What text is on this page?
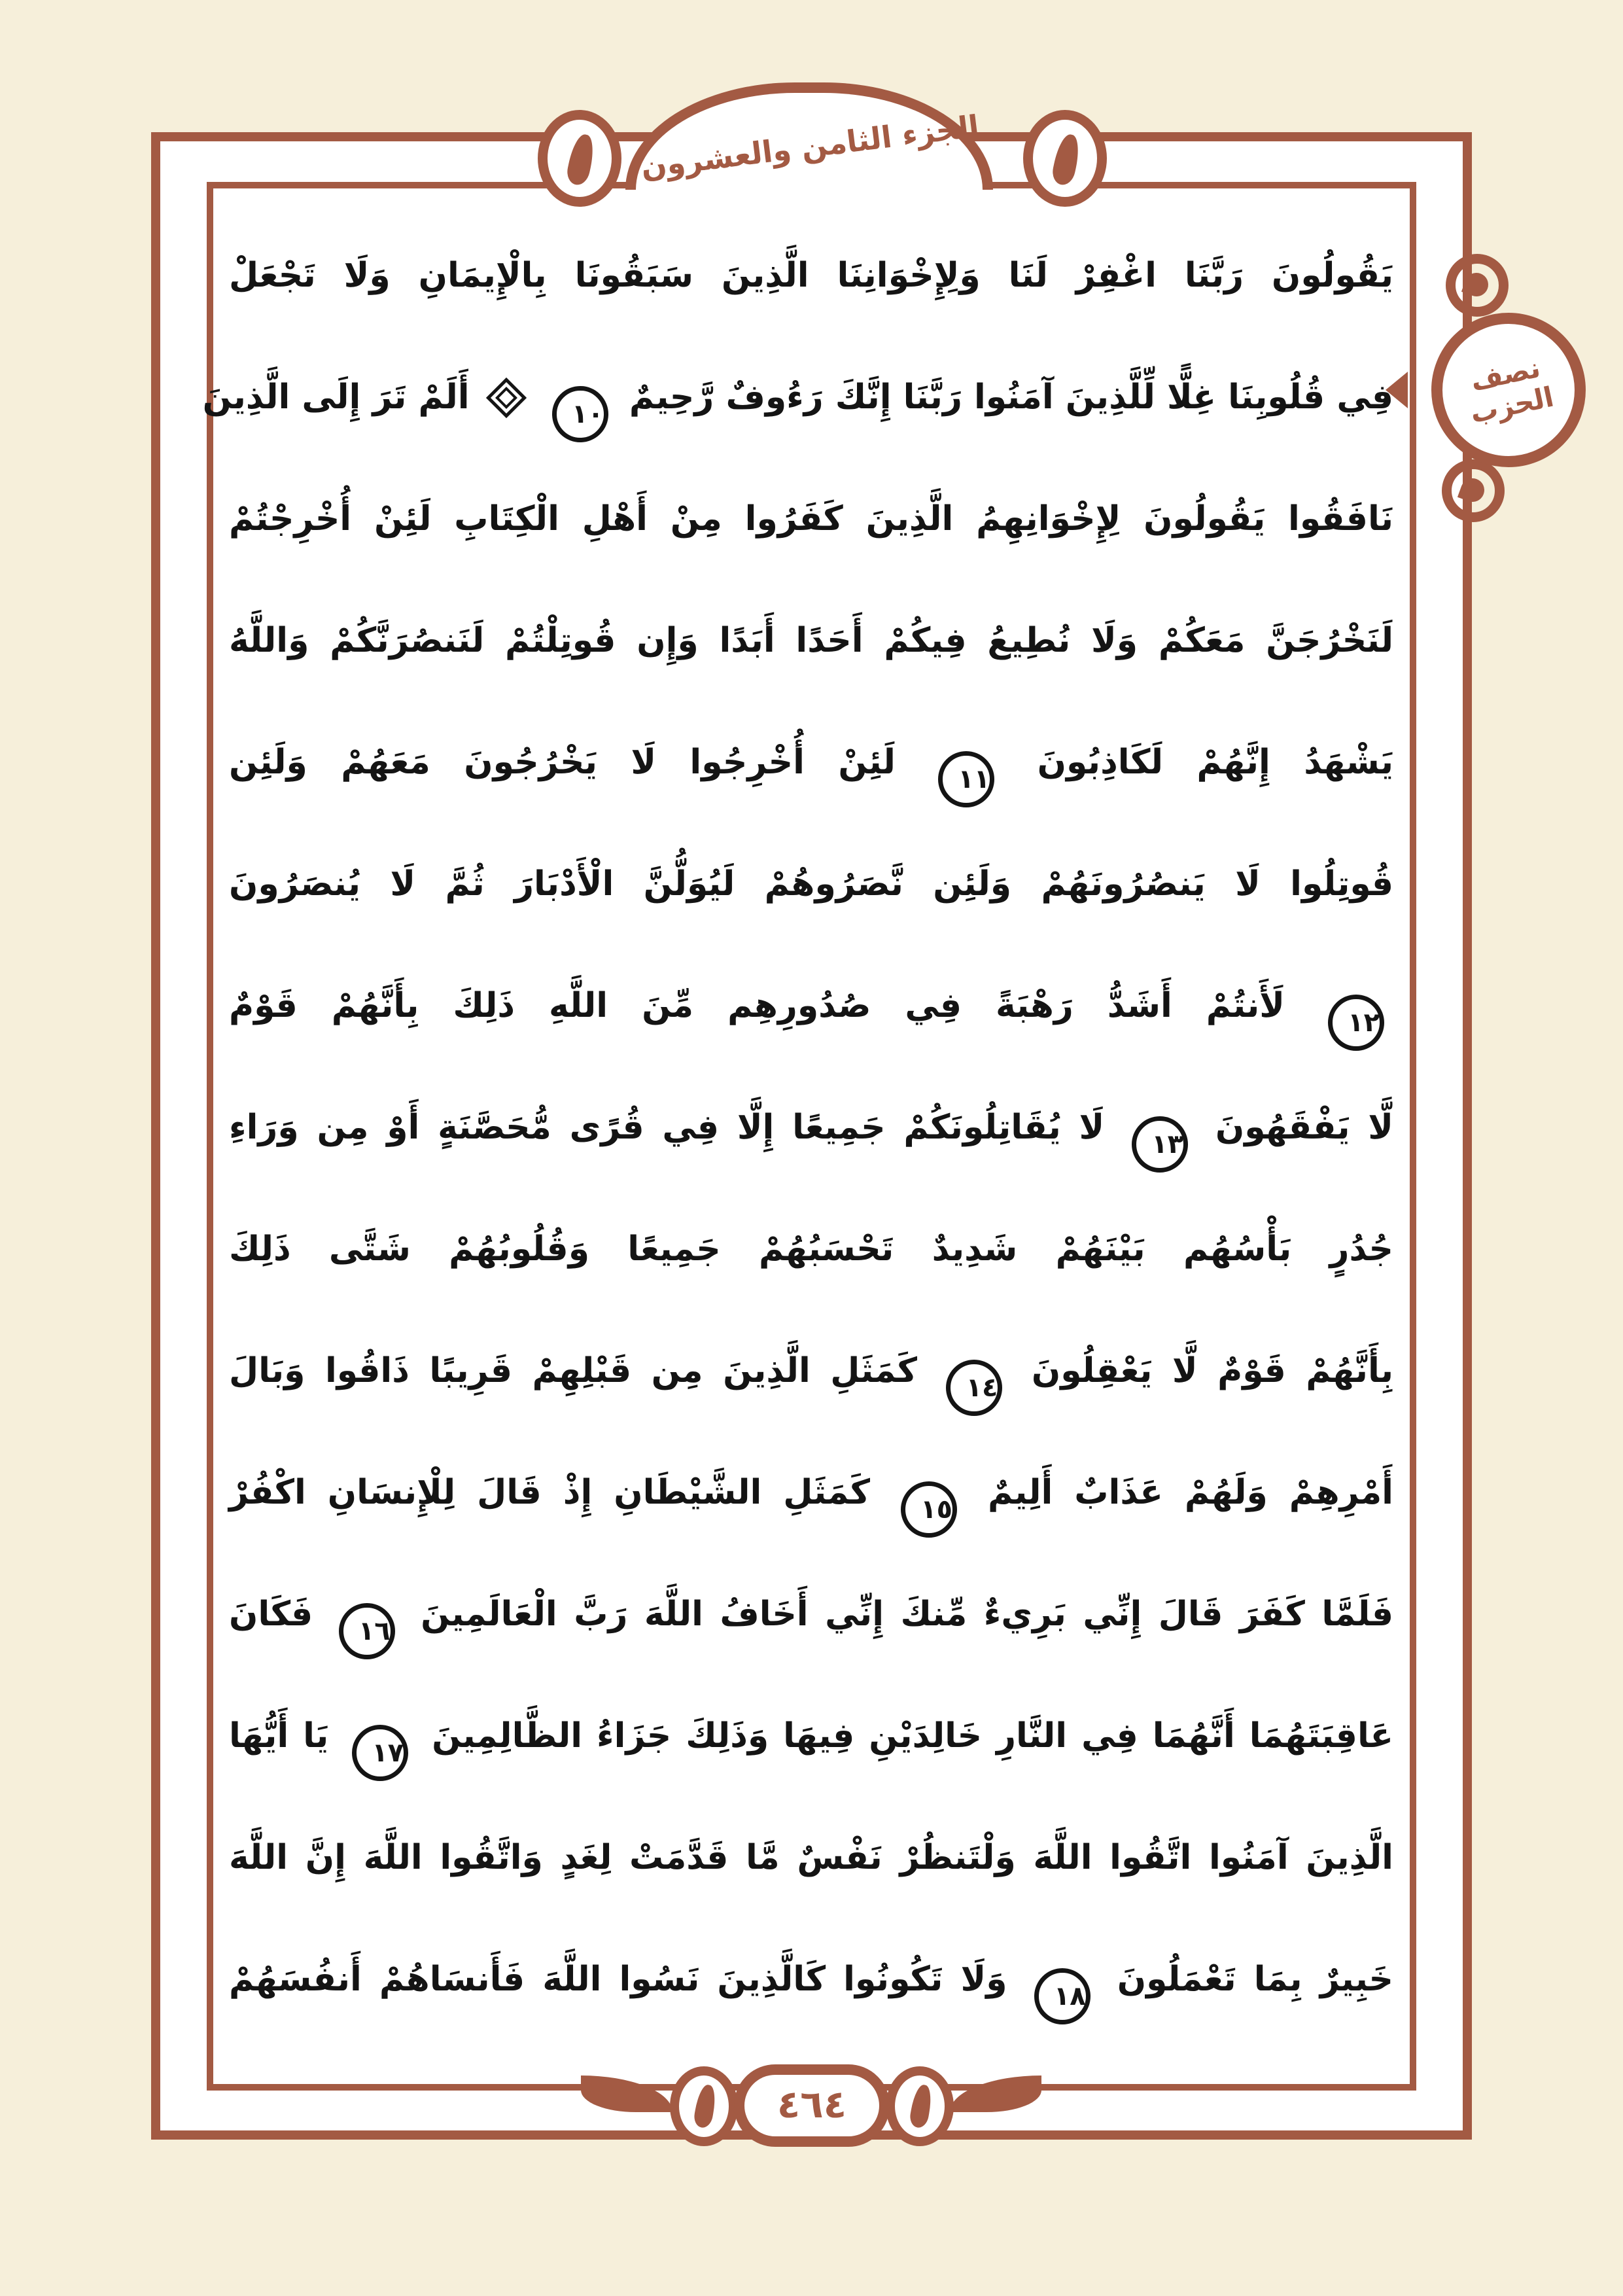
الجزء الثامن والعشرون
نصف
الحزب
يَقُولُونَ رَبَّنَا اغْفِرْ لَنَا وَلِإِخْوَانِنَا الَّذِينَ سَبَقُونَا بِالْإِيمَانِ وَلَا تَجْعَلْ
فِي قُلُوبِنَا غِلًّا لِّلَّذِينَ آمَنُوا رَبَّنَا إِنَّكَ رَءُوفٌ رَّحِيمٌ ١٠  أَلَمْ تَرَ إِلَى الَّذِينَ
نَافَقُوا يَقُولُونَ لِإِخْوَانِهِمُ الَّذِينَ كَفَرُوا مِنْ أَهْلِ الْكِتَابِ لَئِنْ أُخْرِجْتُمْ
لَنَخْرُجَنَّ مَعَكُمْ وَلَا نُطِيعُ فِيكُمْ أَحَدًا أَبَدًا وَإِن قُوتِلْتُمْ لَنَنصُرَنَّكُمْ وَاللَّهُ
يَشْهَدُ إِنَّهُمْ لَكَاذِبُونَ ١١ لَئِنْ أُخْرِجُوا لَا يَخْرُجُونَ مَعَهُمْ وَلَئِن
قُوتِلُوا لَا يَنصُرُونَهُمْ وَلَئِن نَّصَرُوهُمْ لَيُوَلُّنَّ الْأَدْبَارَ ثُمَّ لَا يُنصَرُونَ
١٢ لَأَنتُمْ أَشَدُّ رَهْبَةً فِي صُدُورِهِم مِّنَ اللَّهِ ذَلِكَ بِأَنَّهُمْ قَوْمٌ
لَّا يَفْقَهُونَ ١٣ لَا يُقَاتِلُونَكُمْ جَمِيعًا إِلَّا فِي قُرًى مُّحَصَّنَةٍ أَوْ مِن وَرَاءِ
جُدُرٍ بَأْسُهُم بَيْنَهُمْ شَدِيدٌ تَحْسَبُهُمْ جَمِيعًا وَقُلُوبُهُمْ شَتَّى ذَلِكَ
بِأَنَّهُمْ قَوْمٌ لَّا يَعْقِلُونَ ١٤ كَمَثَلِ الَّذِينَ مِن قَبْلِهِمْ قَرِيبًا ذَاقُوا وَبَالَ
أَمْرِهِمْ وَلَهُمْ عَذَابٌ أَلِيمٌ ١٥ كَمَثَلِ الشَّيْطَانِ إِذْ قَالَ لِلْإِنسَانِ اكْفُرْ
فَلَمَّا كَفَرَ قَالَ إِنِّي بَرِيءٌ مِّنكَ إِنِّي أَخَافُ اللَّهَ رَبَّ الْعَالَمِينَ ١٦ فَكَانَ
عَاقِبَتَهُمَا أَنَّهُمَا فِي النَّارِ خَالِدَيْنِ فِيهَا وَذَلِكَ جَزَاءُ الظَّالِمِينَ ١٧ يَا أَيُّهَا
الَّذِينَ آمَنُوا اتَّقُوا اللَّهَ وَلْتَنظُرْ نَفْسٌ مَّا قَدَّمَتْ لِغَدٍ وَاتَّقُوا اللَّهَ إِنَّ اللَّهَ
خَبِيرٌ بِمَا تَعْمَلُونَ ١٨ وَلَا تَكُونُوا كَالَّذِينَ نَسُوا اللَّهَ فَأَنسَاهُمْ أَنفُسَهُمْ
٤٦٤
